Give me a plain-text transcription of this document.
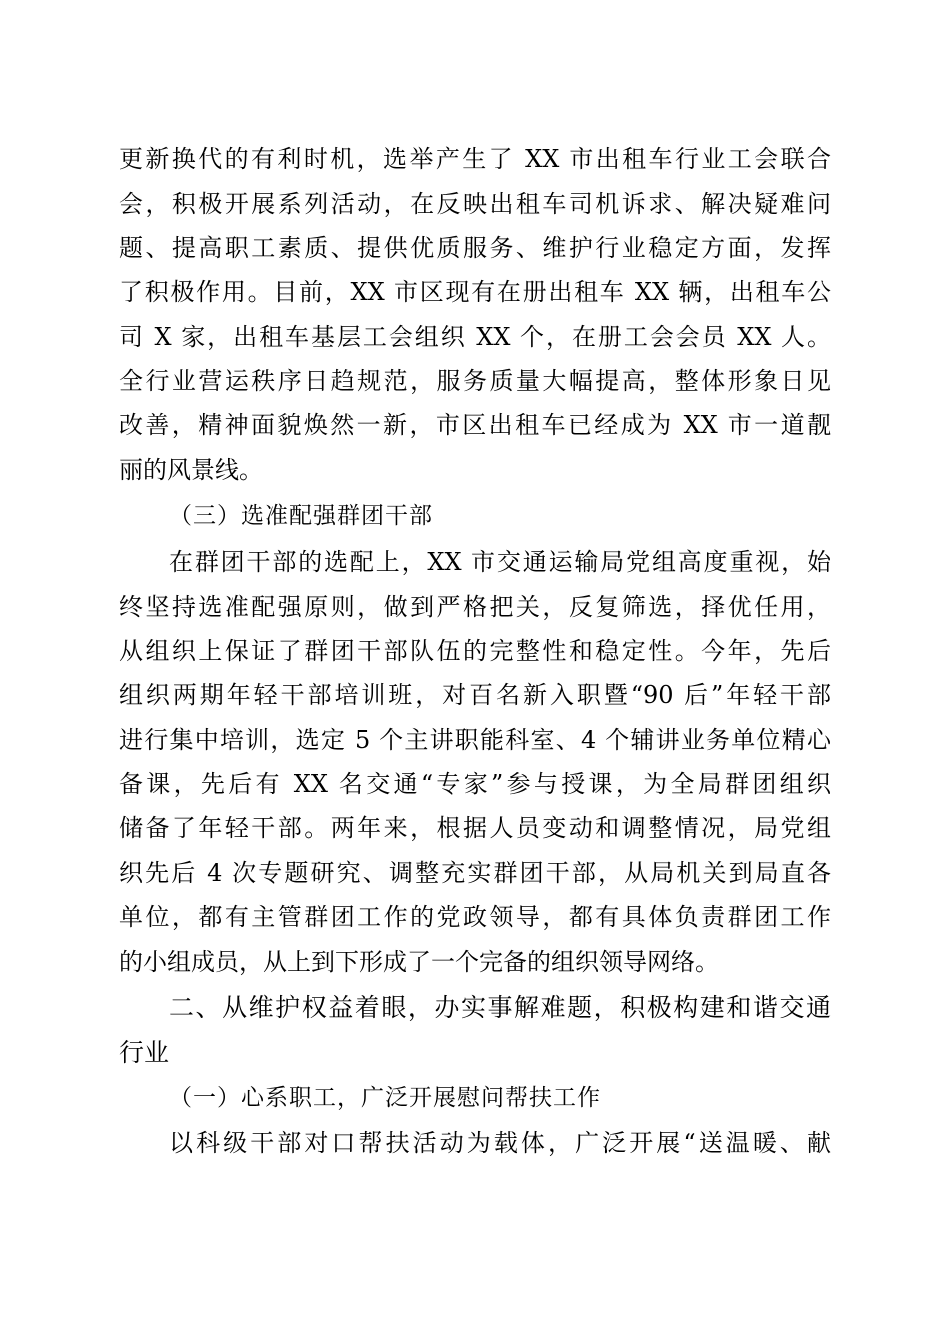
更新换代的有利时机，选举产生了 XX 市出租车行业工会联合
会，积极开展系列活动，在反映出租车司机诉求、解决疑难问
题、提高职工素质、提供优质服务、维护行业稳定方面，发挥
了积极作用。目前，XX 市区现有在册出租车 XX 辆，出租车公
司 X 家，出租车基层工会组织 XX 个，在册工会会员 XX 人。
全行业营运秩序日趋规范，服务质量大幅提高，整体形象日见
改善，精神面貌焕然一新，市区出租车已经成为 XX 市一道靓
丽的风景线。
（三）选准配强群团干部
在群团干部的选配上，XX 市交通运输局党组高度重视，始
终坚持选准配强原则，做到严格把关，反复筛选，择优任用，
从组织上保证了群团干部队伍的完整性和稳定性。今年，先后
组织两期年轻干部培训班，对百名新入职暨“90 后”年轻干部
进行集中培训，选定 5 个主讲职能科室、4 个辅讲业务单位精心
备课，先后有 XX 名交通“专家”参与授课，为全局群团组织
储备了年轻干部。两年来，根据人员变动和调整情况，局党组
织先后 4 次专题研究、调整充实群团干部，从局机关到局直各
单位，都有主管群团工作的党政领导，都有具体负责群团工作
的小组成员，从上到下形成了一个完备的组织领导网络。
二、从维护权益着眼，办实事解难题，积极构建和谐交通
行业
（一）心系职工，广泛开展慰问帮扶工作
以科级干部对口帮扶活动为载体，广泛开展“送温暖、献
